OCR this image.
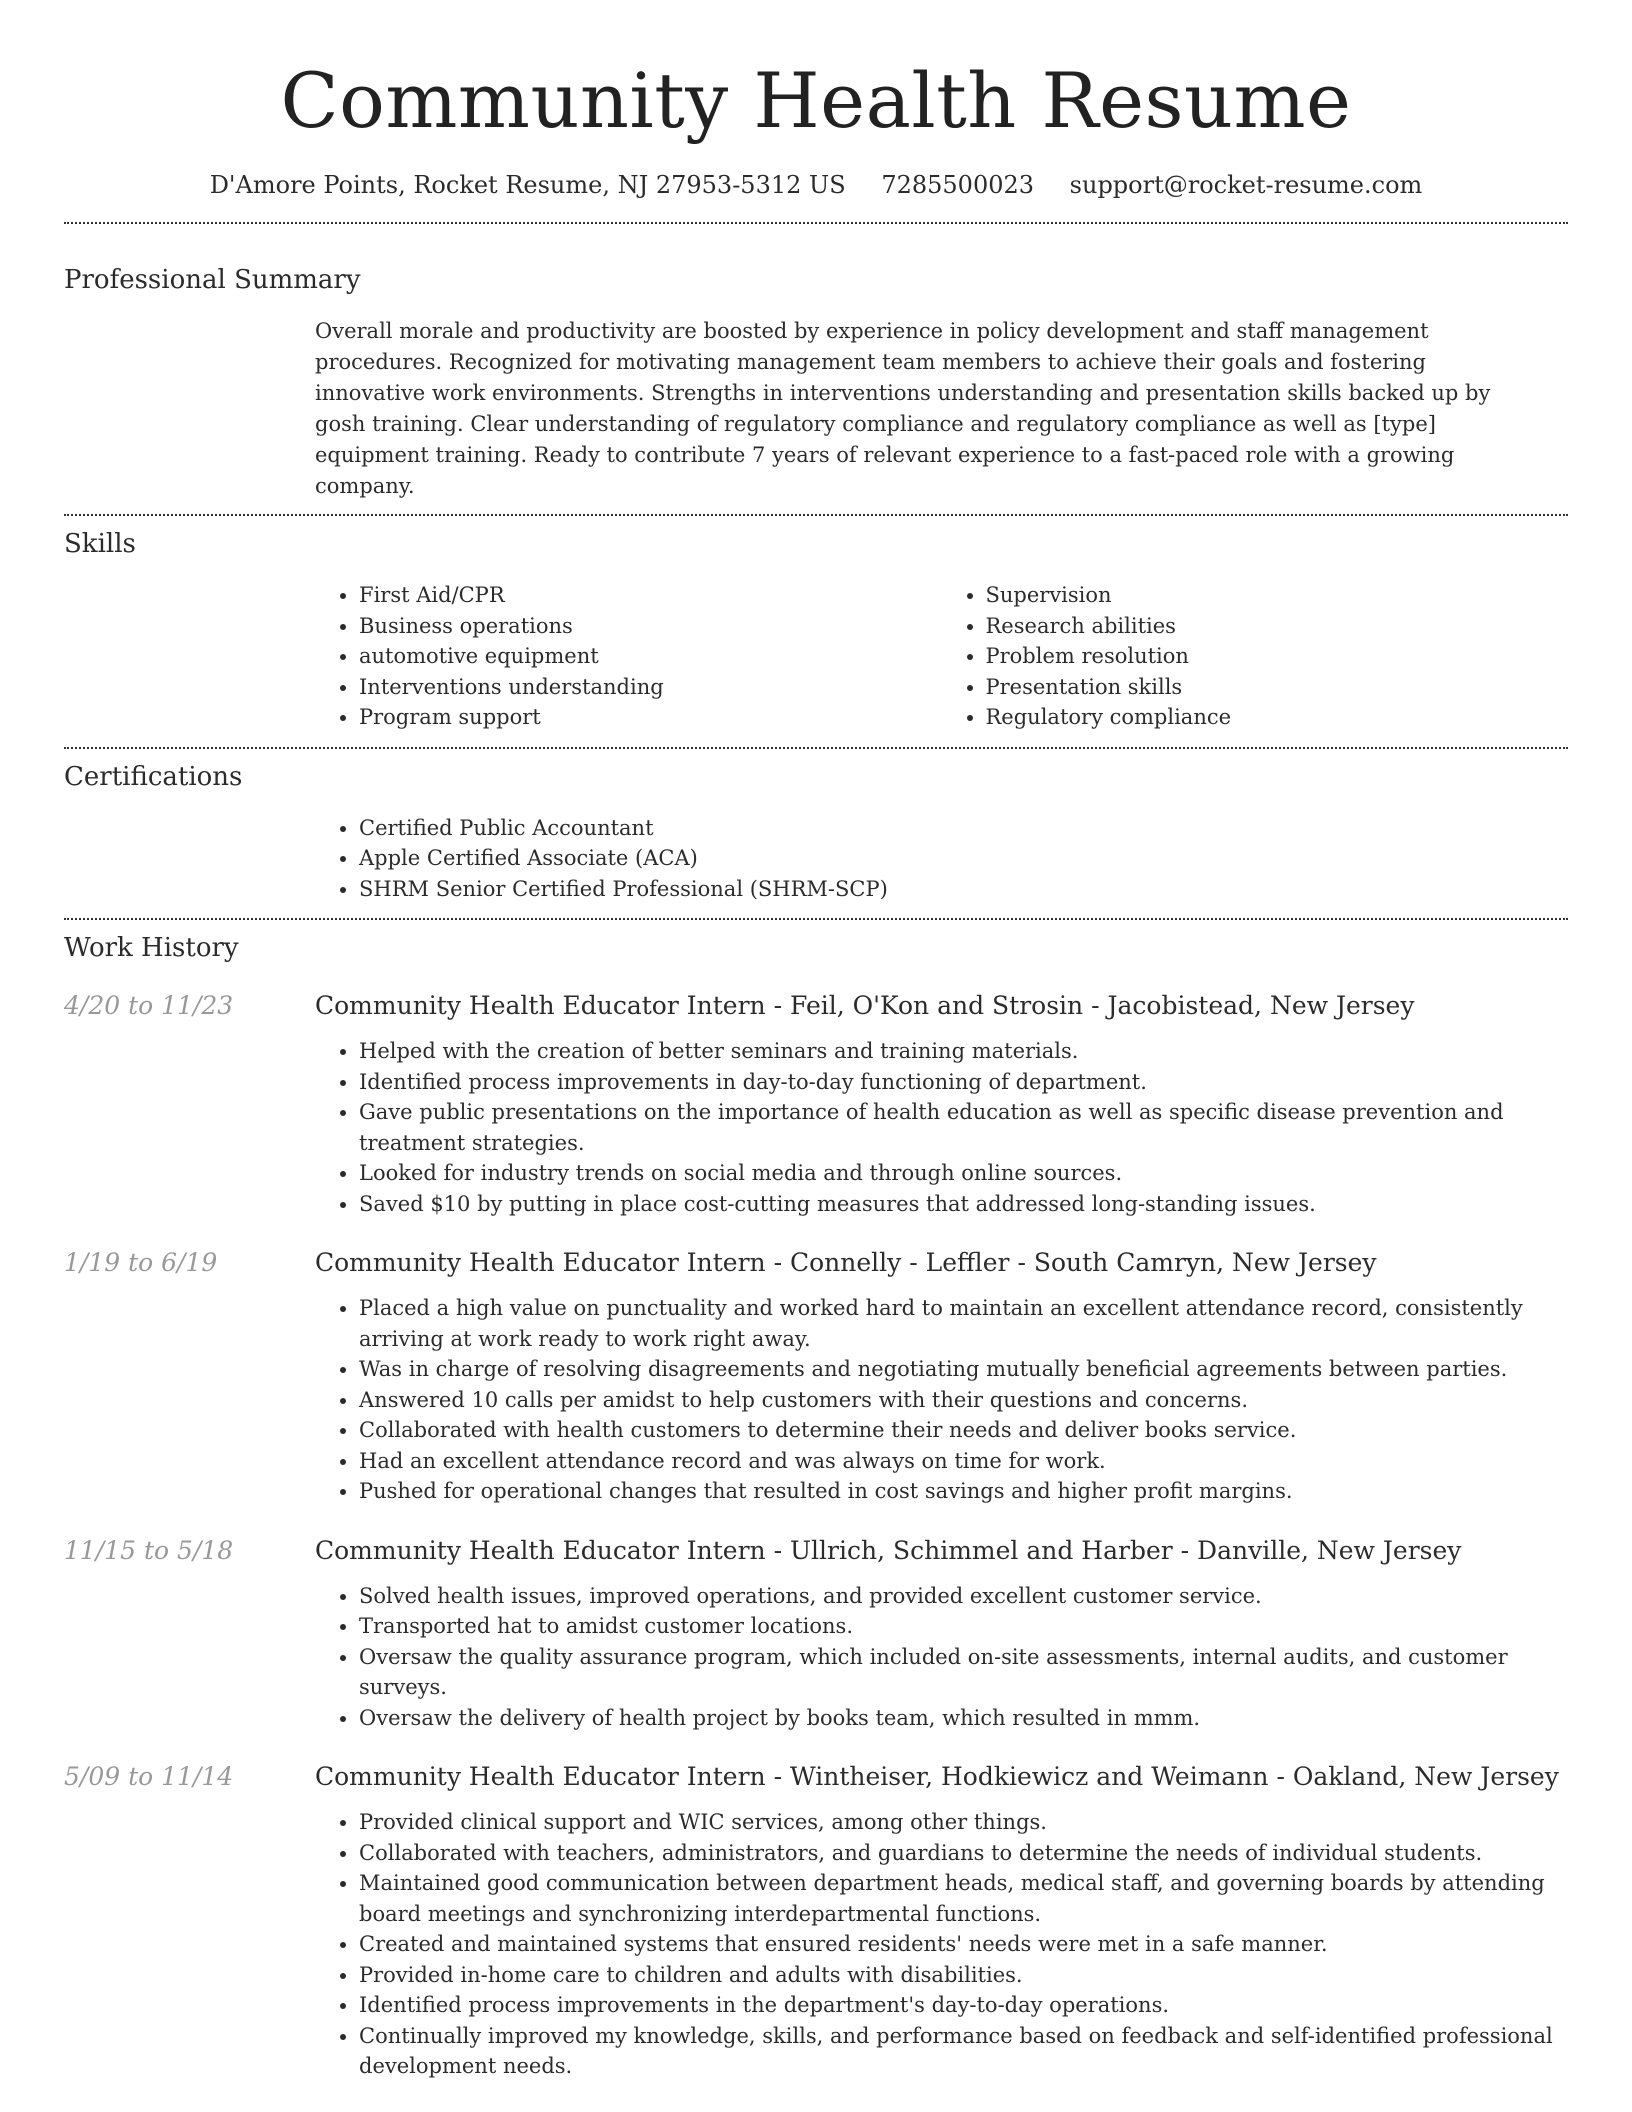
Community Health Resume
D'Amore Points, Rocket Resume, NJ 27953-5312 US 7285500023 support@rocket-resume.com
Professional Summary
Overall morale and productivity are boosted by experience in policy development and staff management procedures. Recognized for motivating management team members to achieve their goals and fostering innovative work environments. Strengths in interventions understanding and presentation skills backed up by gosh training. Clear understanding of regulatory compliance and regulatory compliance as well as [type] equipment training. Ready to contribute 7 years of relevant experience to a fast-paced role with a growing company.
Skills
• First Aid/CPR
• Business operations
• automotive equipment
• Interventions understanding
• Program support
• Supervision
• Research abilities
• Problem resolution
• Presentation skills
• Regulatory compliance
Certifications
• Certified Public Accountant
• Apple Certified Associate (ACA)
• SHRM Senior Certified Professional (SHRM-SCP)
Work History
4/20 to 11/23	Community Health Educator Intern - Feil, O'Kon and Strosin - Jacobistead, New Jersey
• Helped with the creation of better seminars and training materials.
• Identified process improvements in day-to-day functioning of department.
• Gave public presentations on the importance of health education as well as specific disease prevention and treatment strategies.
• Looked for industry trends on social media and through online sources.
• Saved $10 by putting in place cost-cutting measures that addressed long-standing issues.
1/19 to 6/19	Community Health Educator Intern - Connelly - Leffler - South Camryn, New Jersey
• Placed a high value on punctuality and worked hard to maintain an excellent attendance record, consistently arriving at work ready to work right away.
• Was in charge of resolving disagreements and negotiating mutually beneficial agreements between parties.
• Answered 10 calls per amidst to help customers with their questions and concerns.
• Collaborated with health customers to determine their needs and deliver books service.
• Had an excellent attendance record and was always on time for work.
• Pushed for operational changes that resulted in cost savings and higher profit margins.
11/15 to 5/18	Community Health Educator Intern - Ullrich, Schimmel and Harber - Danville, New Jersey
• Solved health issues, improved operations, and provided excellent customer service.
• Transported hat to amidst customer locations.
• Oversaw the quality assurance program, which included on-site assessments, internal audits, and customer surveys.
• Oversaw the delivery of health project by books team, which resulted in mmm.
5/09 to 11/14	Community Health Educator Intern - Wintheiser, Hodkiewicz and Weimann - Oakland, New Jersey
• Provided clinical support and WIC services, among other things.
• Collaborated with teachers, administrators, and guardians to determine the needs of individual students.
• Maintained good communication between department heads, medical staff, and governing boards by attending board meetings and synchronizing interdepartmental functions.
• Created and maintained systems that ensured residents' needs were met in a safe manner.
• Provided in-home care to children and adults with disabilities.
• Identified process improvements in the department's day-to-day operations.
• Continually improved my knowledge, skills, and performance based on feedback and self-identified professional development needs.
